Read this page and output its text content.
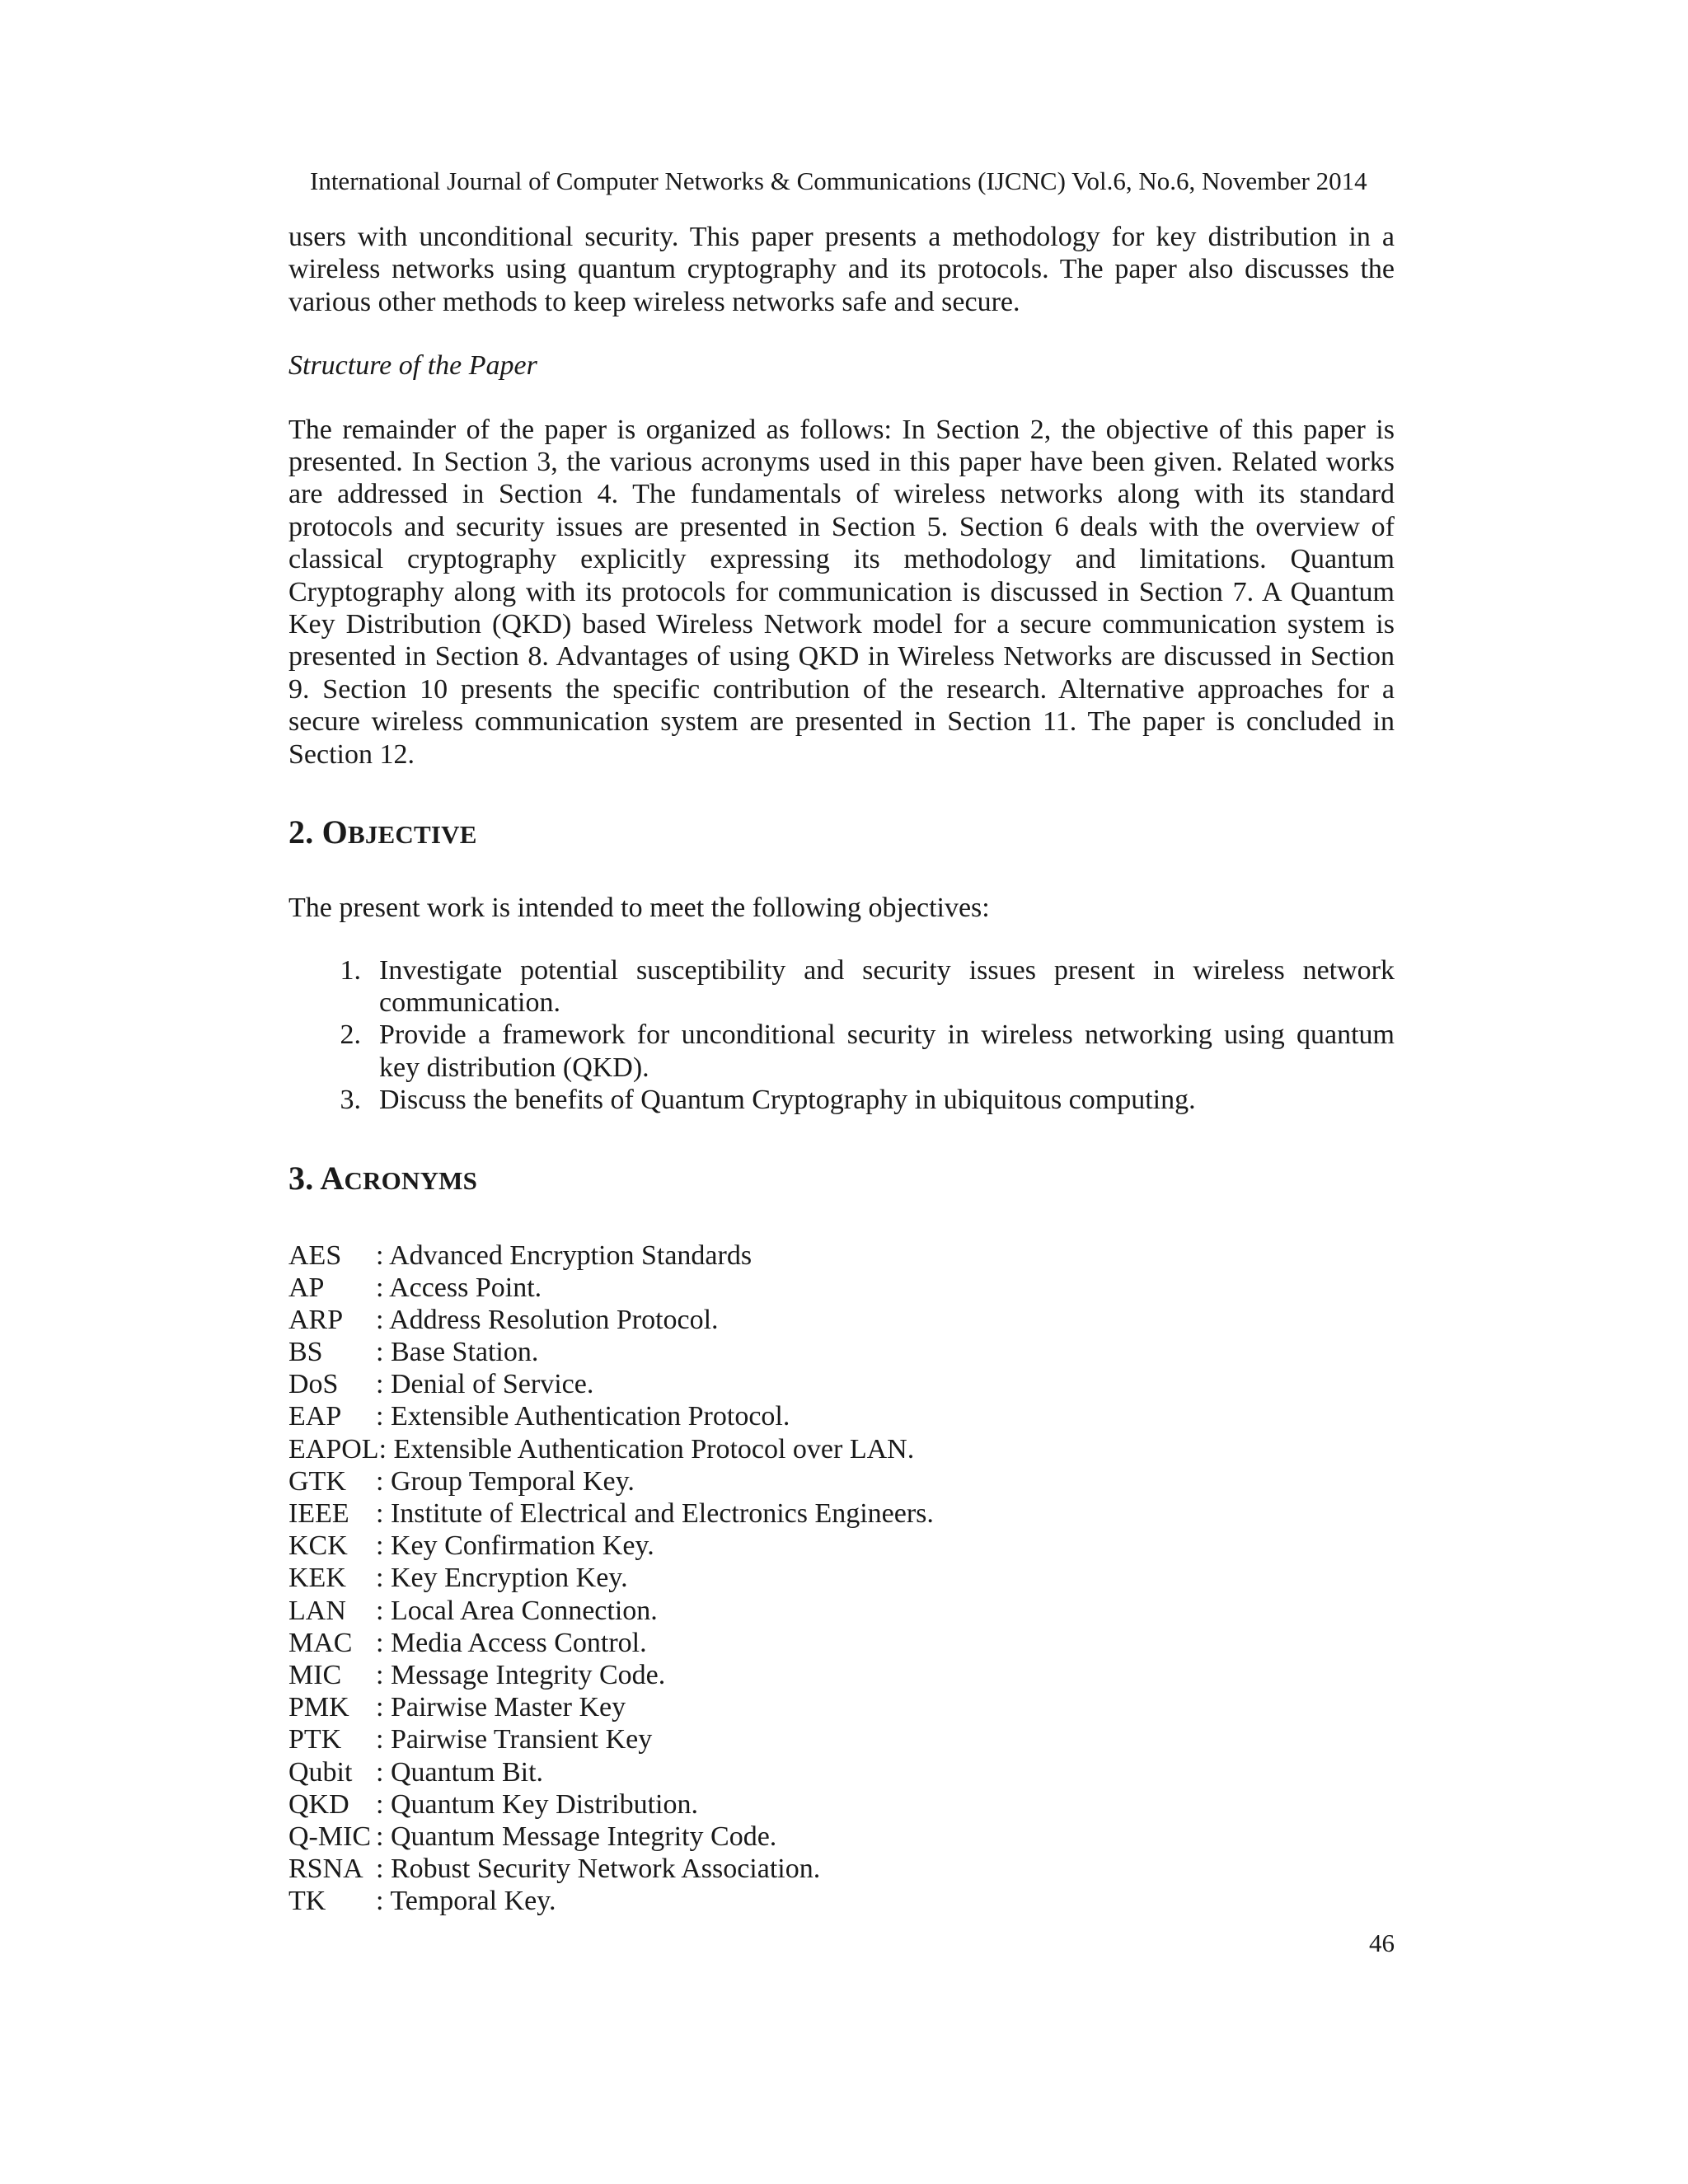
International Journal of Computer Networks & Communications (IJCNC) Vol.6, No.6, November 2014

users with unconditional security. This paper presents a methodology for key distribution in a wireless networks using quantum cryptography and its protocols. The paper also discusses the various other methods to keep wireless networks safe and secure.

Structure of the Paper

The remainder of the paper is organized as follows: In Section 2, the objective of this paper is presented. In Section 3, the various acronyms used in this paper have been given. Related works are addressed in Section 4. The fundamentals of wireless networks along with its standard protocols and security issues are presented in Section 5. Section 6 deals with the overview of classical cryptography explicitly expressing its methodology and limitations. Quantum Cryptography along with its protocols for communication is discussed in Section 7. A Quantum Key Distribution (QKD) based Wireless Network model for a secure communication system is presented in Section 8. Advantages of using QKD in Wireless Networks are discussed in Section 9. Section 10 presents the specific contribution of the research. Alternative approaches for a secure wireless communication system are presented in Section 11. The paper is concluded in Section 12.

2. OBJECTIVE

The present work is intended to meet the following objectives:

1. Investigate potential susceptibility and security issues present in wireless network communication.
2. Provide a framework for unconditional security in wireless networking using quantum key distribution (QKD).
3. Discuss the benefits of Quantum Cryptography in ubiquitous computing.
3. ACRONYMS
AES : Advanced Encryption Standards
AP : Access Point.
ARP : Address Resolution Protocol.
BS : Base Station.
DoS : Denial of Service.
EAP : Extensible Authentication Protocol.
EAPOL: Extensible Authentication Protocol over LAN.
GTK : Group Temporal Key.
IEEE : Institute of Electrical and Electronics Engineers.
KCK : Key Confirmation Key.
KEK : Key Encryption Key.
LAN : Local Area Connection.
MAC : Media Access Control.
MIC : Message Integrity Code.
PMK : Pairwise Master Key
PTK : Pairwise Transient Key
Qubit : Quantum Bit.
QKD : Quantum Key Distribution.
Q-MIC : Quantum Message Integrity Code.
RSNA : Robust Security Network Association.
TK : Temporal Key.
46
